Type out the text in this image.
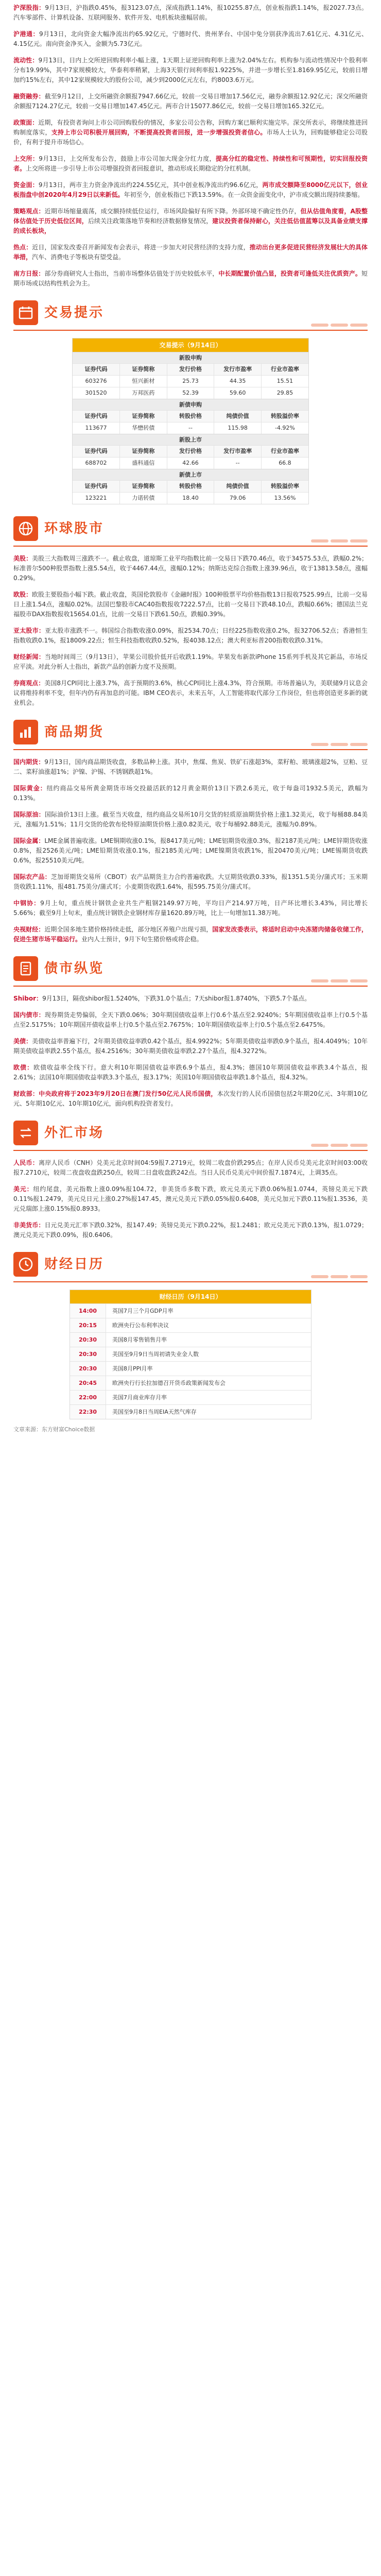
沪深股指：9月13日，沪指跌0.45%，报3123.07点，深成指跌1.14%，报10255.87点，创业板指跌1.14%，报2027.73点。汽车零部件、计算机设备、互联网服务、软件开发、电机板块涨幅居前。

沪港通：9月13日，北向资金大幅净流出约65.92亿元，宁德时代、贵州茅台、中国中免分别获净流出7.61亿元、4.31亿元、4.15亿元。南向资金净买入，金额为5.73亿元。

流动性：9月13日，日内上交所逆回购利率小幅上涨，1天期上证逆回购利率上涨为2.04%左右。机构参与流动性情况中个股利率分布19.99%，其中7家规模较大，华泰利率稍紧，上海3天银行间利率报1.9225%，并进一步增长至1.8169.95亿元，较前日增加约15%左右，其中12家规模较大的股份公司，减少到2000亿元左右，约8003.6万元。

融资融券：截至9月12日，上交所融资余额报7947.66亿元，较前一交易日增加17.56亿元，融券余额报12.92亿元；深交所融资余额报7124.27亿元，较前一交易日增加147.45亿元。两市合计15077.86亿元，较前一交易日增加165.32亿元。

政策面：近期，有投资者询问上市公司回购股份的情况，多家公司公告称，回购方案已顺利实施完毕。深交所表示，将继续推进回购制度落实，支持上市公司积极开展回购，不断提高投资者回报，进一步增强投资者信心。市场人士认为，回购能够稳定公司股价，有利于提升市场信心。

上交所：9月13日，上交所发布公告，鼓励上市公司加大现金分红力度，提高分红的稳定性、持续性和可预期性，切实回报投资者。上交所将进一步引导上市公司增强投资者回报意识，推动形成长期稳定的分红机制。

资金面：9月13日，两市主力资金净流出约224.55亿元，其中创业板净流出约96.6亿元，两市成交额降至8000亿元以下，创业板指盘中创2020年4月29日以来新低。年初至今，创业板指已下跌13.59%。在一众资金面变化中，沪市成交额出现持续萎缩。

策略观点：近期市场缩量震荡，成交额持续低位运行，市场风险偏好有所下降。外部环境不确定性仍存，但从估值角度看，A股整体估值处于历史低位区间，后续关注政策落地节奏和经济数据修复情况，建议投资者保持耐心，关注低估值蓝筹以及具备业绩支撑的成长板块，

热点：近日，国家发改委召开新闻发布会表示，将进一步加大对民营经济的支持力度，推动出台更多促进民营经济发展壮大的具体举措，汽车、消费电子等板块有望受益。

南方日报：部分券商研究人士指出，当前市场整体估值处于历史较低水平，中长期配置价值凸显，投资者可逢低关注优质资产。短期市场或以结构性机会为主。

交易提示
交易提示（9月14日）
新股申购
证券代码	证券简称	发行价格	发行市盈率	行业市盈率
603276	恒兴新材	25.73	44.35	15.51
301520	万邦医药	52.39	59.60	29.85
新债申购
证券代码	证券简称	转股价格	纯债价值	转股溢价率
113677	华懋转债	--	115.98	-4.92%
新股上市
证券代码	证券简称	发行价格	发行市盈率	行业市盈率
688702	盛科通信	42.66	--	66.8
新债上市
证券代码	证券简称	转股价格	纯债价值	转股溢价率
123221	力诺转债	18.40	79.06	13.56%
环球股市

美股：美股三大指数周三涨跌不一。截止收盘，道琼斯工业平均指数比前一交易日下跌70.46点，收于34575.53点，跌幅0.2%；标准普尔500种股票指数上涨5.54点，收于4467.44点，涨幅0.12%；纳斯达克综合指数上涨39.96点，收于13813.58点，涨幅0.29%。

欧股：欧股主要股指小幅下跌。截止收盘，英国伦敦股市《金融时报》100种股票平均价格指数13日报收7525.99点，比前一交易日上涨1.54点，涨幅0.02%。法国巴黎股市CAC40指数报收7222.57点，比前一交易日下跌48.10点，跌幅0.66%；德国法兰克福股市DAX指数报收15654.01点，比前一交易日下跌61.50点，跌幅0.39%。

亚太股市：亚太股市涨跌不一。韩国综合指数收涨0.09%，报2534.70点；日经225指数收涨0.2%，报32706.52点；香港恒生指数收跌0.1%，报18009.22点；恒生科技指数收跌0.52%，报4038.12点；澳大利亚标普200指数收跌0.31%。

财经新闻：当地时间周三（9月13日），苹果公司股价低开后收跌1.19%。苹果发布新款iPhone 15系列手机及其它新品，市场反应平淡。对此分析人士指出，新款产品的创新力度不及预期。

券商观点：美国8月CPI同比上涨3.7%，高于预期的3.6%，核心CPI同比上涨4.3%，符合预期。市场普遍认为，美联储9月议息会议将维持利率不变，但年内仍有再加息的可能。IBM CEO表示，未来五年，人工智能将取代部分工作岗位，但也将创造更多新的就业机会。

商品期货

国内期货：9月13日，国内商品期货收盘，多数品种上涨。其中，焦煤、焦炭、铁矿石涨超3%，菜籽粕、玻璃涨超2%，豆粕、豆二、菜籽油涨超1%；沪镍、沪锡、不锈钢跌超1%。

国际黄金：纽约商品交易所黄金期货市场交投最活跃的12月黄金期价13日下跌2.6美元，收于每盎司1932.5美元，跌幅为0.13%。

国际原油：国际油价13日上涨。截至当天收盘，纽约商品交易所10月交货的轻质原油期货价格上涨1.32美元，收于每桶88.84美元，涨幅为1.51%；11月交货的伦敦布伦特原油期货价格上涨0.82美元，收于每桶92.88美元，涨幅为0.89%。

国际金属：LME金属普遍收涨。LME铜期收涨0.1%，报8417美元/吨；LME铝期货收涨0.3%，报2187美元/吨；LME锌期货收涨0.8%，报2526美元/吨；LME铅期货收涨0.1%，报2185美元/吨；LME镍期货收跌1%，报20470美元/吨；LME锡期货收跌0.6%，报25510美元/吨。

国际农产品：芝加哥期货交易所（CBOT）农产品期货主力合约普遍收跌。大豆期货收跌0.33%，报1351.5美分/蒲式耳；玉米期货收跌1.11%，报481.75美分/蒲式耳；小麦期货收跌1.64%，报595.75美分/蒲式耳。

中钢协：9月上旬，重点统计钢铁企业共生产粗钢2149.97万吨，平均日产214.97万吨，日产环比增长3.43%，同比增长5.66%；截至9月上旬末，重点统计钢铁企业钢材库存量1620.89万吨，比上一旬增加11.38万吨。

央视财经：近期全国多地生猪价格持续走低，部分地区养殖户出现亏损，国家发改委表示，将适时启动中央冻猪肉储备收储工作，促进生猪市场平稳运行。业内人士预计，9月下旬生猪价格或将企稳。

债市纵览

Shibor：9月13日，隔夜shibor报1.5240%，下跌31.0个基点；7天shibor报1.8740%，下跌5.7个基点。

国内债市：现券期货走势偏弱，全天下跌0.06%；30年期国债收益率上行0.6个基点至2.9240%；5年期国债收益率上行0.5个基点至2.5175%；10年期国开债收益率上行0.5个基点至2.7675%；10年期国债收益率上行0.5个基点至2.6475%。

美债：美债收益率普遍下行，2年期美债收益率跌0.42个基点，报4.9922%；5年期美债收益率跌0.9个基点，报4.4049%；10年期美债收益率跌2.55个基点，报4.2516%；30年期美债收益率跌2.27个基点，报4.3272%。

欧债：欧债收益率全线下行。意大利10年期国债收益率跌6.9个基点，报4.3%；德国10年期国债收益率跌3.4个基点，报2.61%；法国10年期国债收益率跌3.3个基点，报3.17%；英国10年期国债收益率跌1.8个基点，报4.32%。

财政部：中央政府将于2023年9月20日在澳门发行50亿元人民币国债，本次发行的人民币国债包括2年期20亿元、3年期10亿元、5年期10亿元、10年期10亿元，面向机构投资者发行。

外汇市场

人民币：离岸人民币（CNH）兑美元北京时间04:59报7.2719元，较周二收盘价跌295点；在岸人民币兑美元北京时间03:00收报7.2710元，较周二夜盘收盘跌250点，较周二日盘收盘跌242点。当日人民币兑美元中间价报7.1874元，上调35点。

美元：纽约尾盘，美元指数上涨0.09%报104.72，非美货币多数下跌，欧元兑美元下跌0.06%报1.0744，英镑兑美元下跌0.11%报1.2479，美元兑日元上涨0.27%报147.45，澳元兑美元下跌0.05%报0.6408，美元兑加元下跌0.11%报1.3536，美元兑瑞郎上涨0.15%报0.8933。

非美货币：日元兑美元汇率下跌0.32%，报147.49；英镑兑美元下跌0.22%，报1.2481；欧元兑美元下跌0.13%，报1.0729；澳元兑美元下跌0.09%，报0.6406。

财经日历
财经日历（9月14日）
14:00	英国7月三个月GDP月率
20:15	欧洲央行公布利率决议
20:30	美国8月零售销售月率
20:30	美国至9月9日当周初请失业金人数
20:30	美国8月PPI月率
20:45	欧洲央行行长拉加德召开货币政策新闻发布会
22:00	美国7月商业库存月率
22:30	美国至9月8日当周EIA天然气库存
文章来源：东方财富Choice数据
